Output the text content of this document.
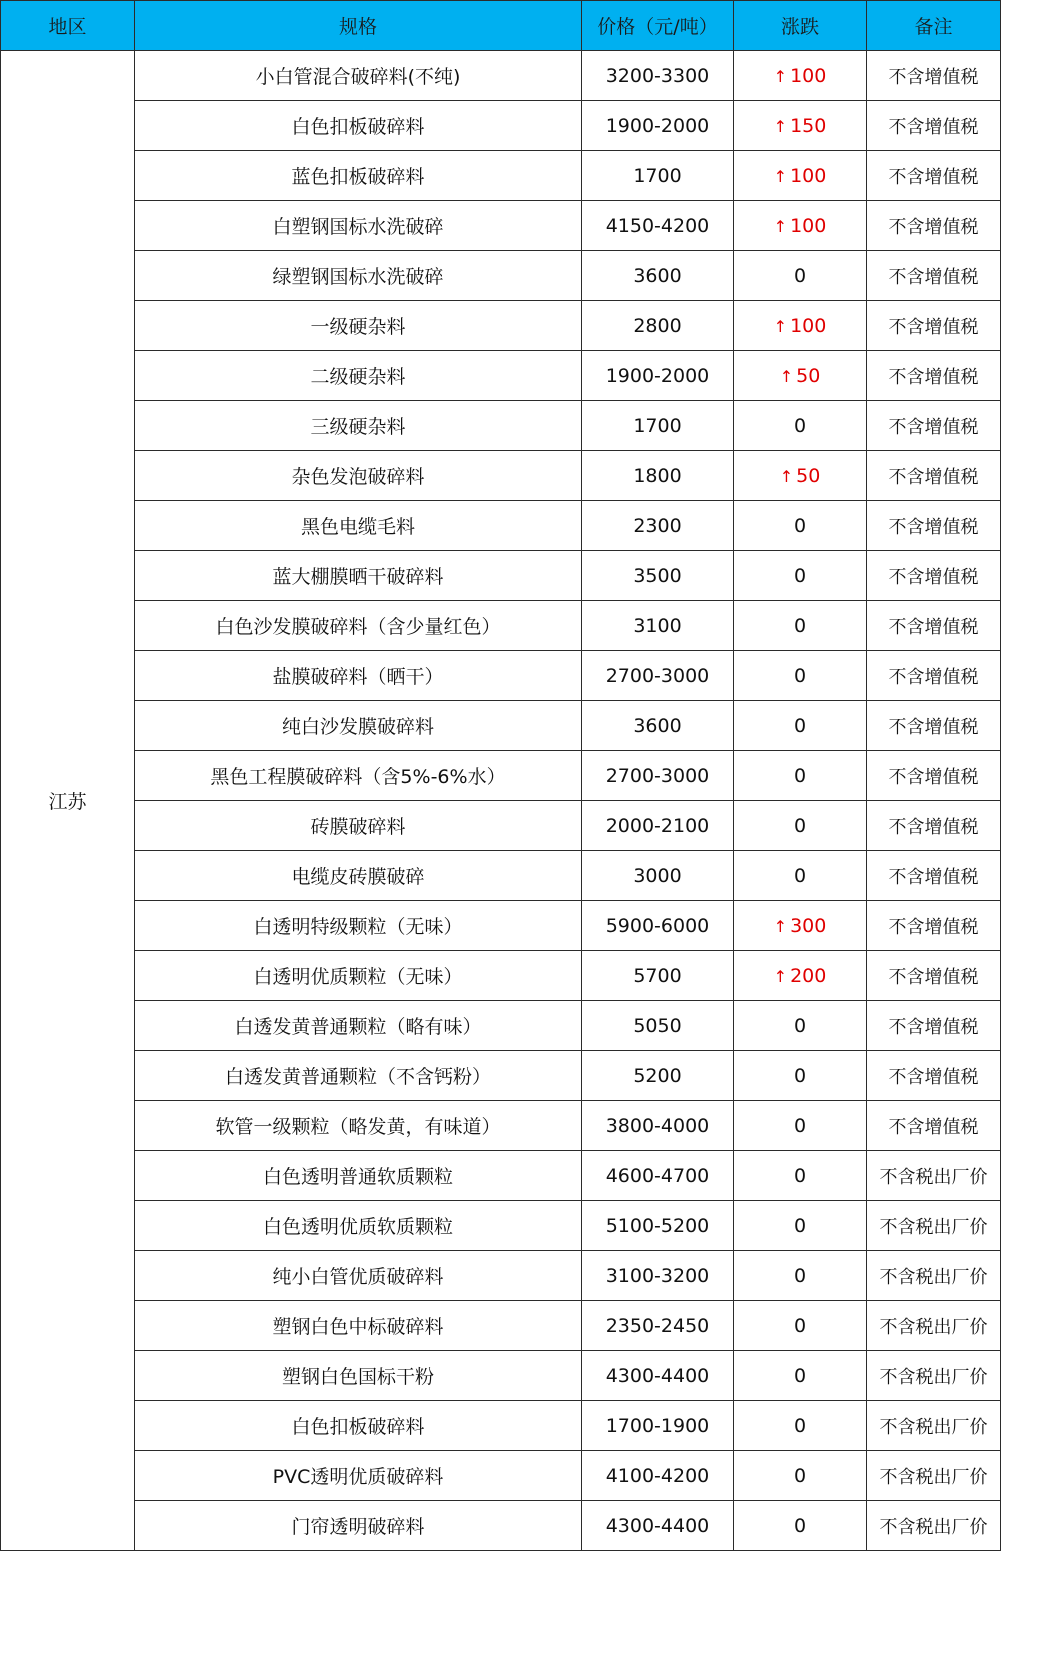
地区	规格	价格（元/吨）	涨跌	备注
江苏	小白管混合破碎料(不纯)	3200-3300	↑ 100	不含增值税
	白色扣板破碎料	1900-2000	↑ 150	不含增值税
	蓝色扣板破碎料	1700	↑ 100	不含增值税
	白塑钢国标水洗破碎	4150-4200	↑ 100	不含增值税
	绿塑钢国标水洗破碎	3600	0	不含增值税
	一级硬杂料	2800	↑ 100	不含增值税
	二级硬杂料	1900-2000	↑ 50	不含增值税
	三级硬杂料	1700	0	不含增值税
	杂色发泡破碎料	1800	↑ 50	不含增值税
	黑色电缆毛料	2300	0	不含增值税
	蓝大棚膜晒干破碎料	3500	0	不含增值税
	白色沙发膜破碎料（含少量红色）	3100	0	不含增值税
	盐膜破碎料（晒干）	2700-3000	0	不含增值税
	纯白沙发膜破碎料	3600	0	不含增值税
	黑色工程膜破碎料（含5%-6%水）	2700-3000	0	不含增值税
	砖膜破碎料	2000-2100	0	不含增值税
	电缆皮砖膜破碎	3000	0	不含增值税
	白透明特级颗粒（无味）	5900-6000	↑ 300	不含增值税
	白透明优质颗粒（无味）	5700	↑ 200	不含增值税
	白透发黄普通颗粒（略有味）	5050	0	不含增值税
	白透发黄普通颗粒（不含钙粉）	5200	0	不含增值税
	软管一级颗粒（略发黄，有味道）	3800-4000	0	不含增值税
	白色透明普通软质颗粒	4600-4700	0	不含税出厂价
	白色透明优质软质颗粒	5100-5200	0	不含税出厂价
	纯小白管优质破碎料	3100-3200	0	不含税出厂价
	塑钢白色中标破碎料	2350-2450	0	不含税出厂价
	塑钢白色国标干粉	4300-4400	0	不含税出厂价
	白色扣板破碎料	1700-1900	0	不含税出厂价
	PVC透明优质破碎料	4100-4200	0	不含税出厂价
	门帘透明破碎料	4300-4400	0	不含税出厂价
